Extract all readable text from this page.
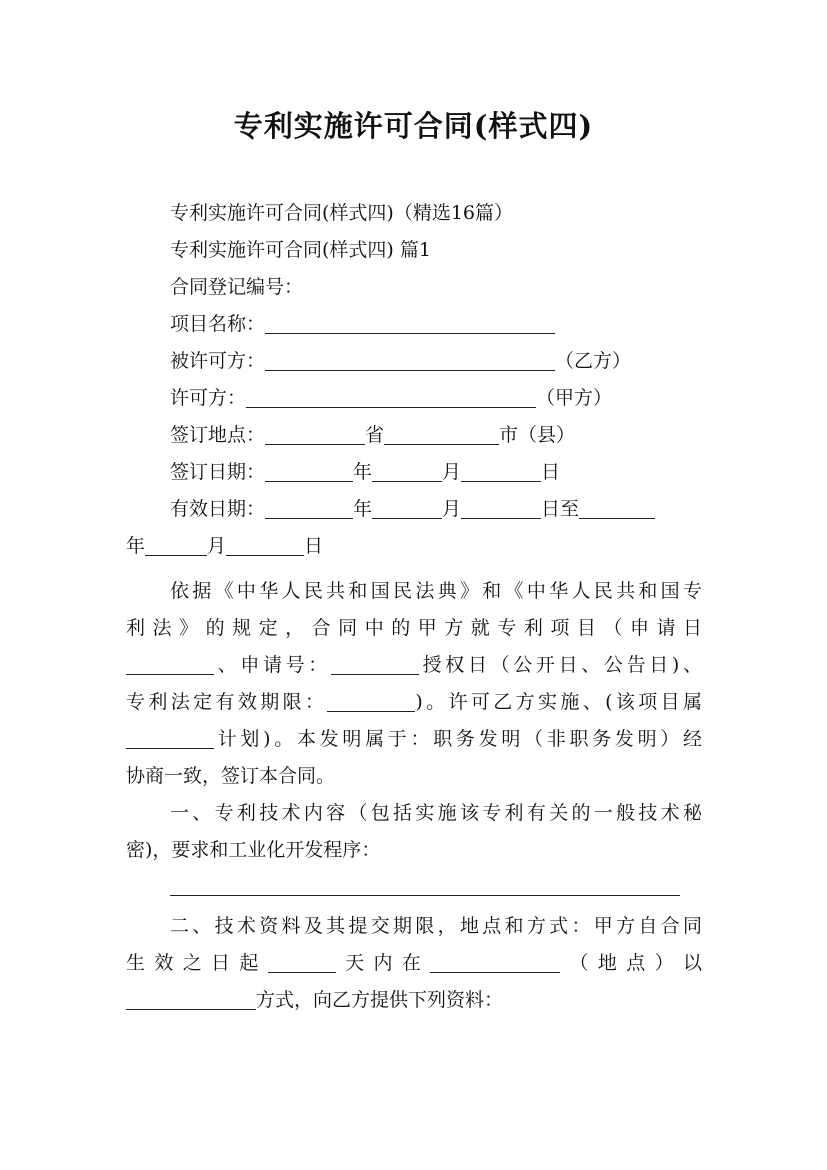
专利实施许可合同(样式四)
专利实施许可合同(样式四)（精选16篇）
专利实施许可合同(样式四) 篇1
合同登记编号：
项目名称：
被许可方：	（乙方）
许可方：	（甲方）
签订地点：	省	市（县）
签订日期：	年	月	日
有效日期：	年	月	日至
年	月	日
依据《中华人民共和国民法典》和《中华人民共和国专
利法》的规定，合同中的甲方就专利项目（申请日
、申请号：	授权日（公开日、公告日)、
专利法定有效期限：	)。许可乙方实施、(该项目属
计划)。本发明属于：职务发明（非职务发明）经
协商一致，签订本合同。
一、专利技术内容（包括实施该专利有关的一般技术秘
密)，要求和工业化开发程序：
二、技术资料及其提交期限，地点和方式：甲方自合同
生效之日起	天内在	（地点）以
方式，向乙方提供下列资料：
